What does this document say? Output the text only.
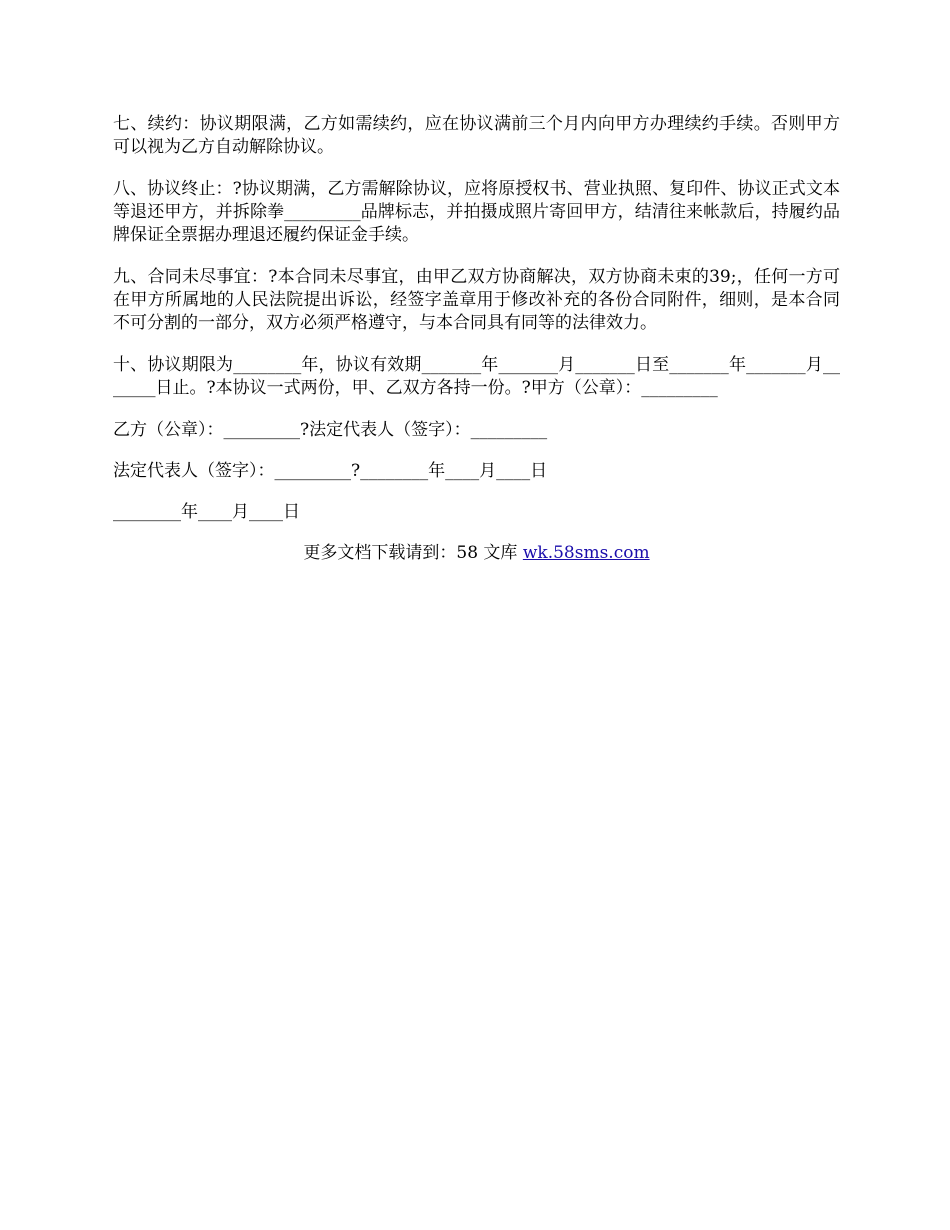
七、续约：协议期限满，乙方如需续约，应在协议满前三个月内向甲方办理续约手续。否则甲方可以视为乙方自动解除协议。

八、协议终止：?协议期满，乙方需解除协议，应将原授权书、营业执照、复印件、协议正式文本等退还甲方，并拆除拳_________品牌标志，并拍摄成照片寄回甲方，结清往来帐款后，持履约品牌保证全票据办理退还履约保证金手续。

九、合同未尽事宜：?本合同未尽事宜，由甲乙双方协商解决，双方协商未束的39;，任何一方可在甲方所属地的人民法院提出诉讼，经签字盖章用于修改补充的各份合同附件，细则，是本合同不可分割的一部分，双方必须严格遵守，与本合同具有同等的法律效力。

十、协议期限为________年，协议有效期_______年_______月_______日至_______年_______月_______日止。?本协议一式两份，甲、乙双方各持一份。?甲方（公章）：_________

乙方（公章）：_________?法定代表人（签字）：_________

法定代表人（签字）：_________?________年____月____日

________年____月____日

更多文档下载请到：58 文库 wk.58sms.com
